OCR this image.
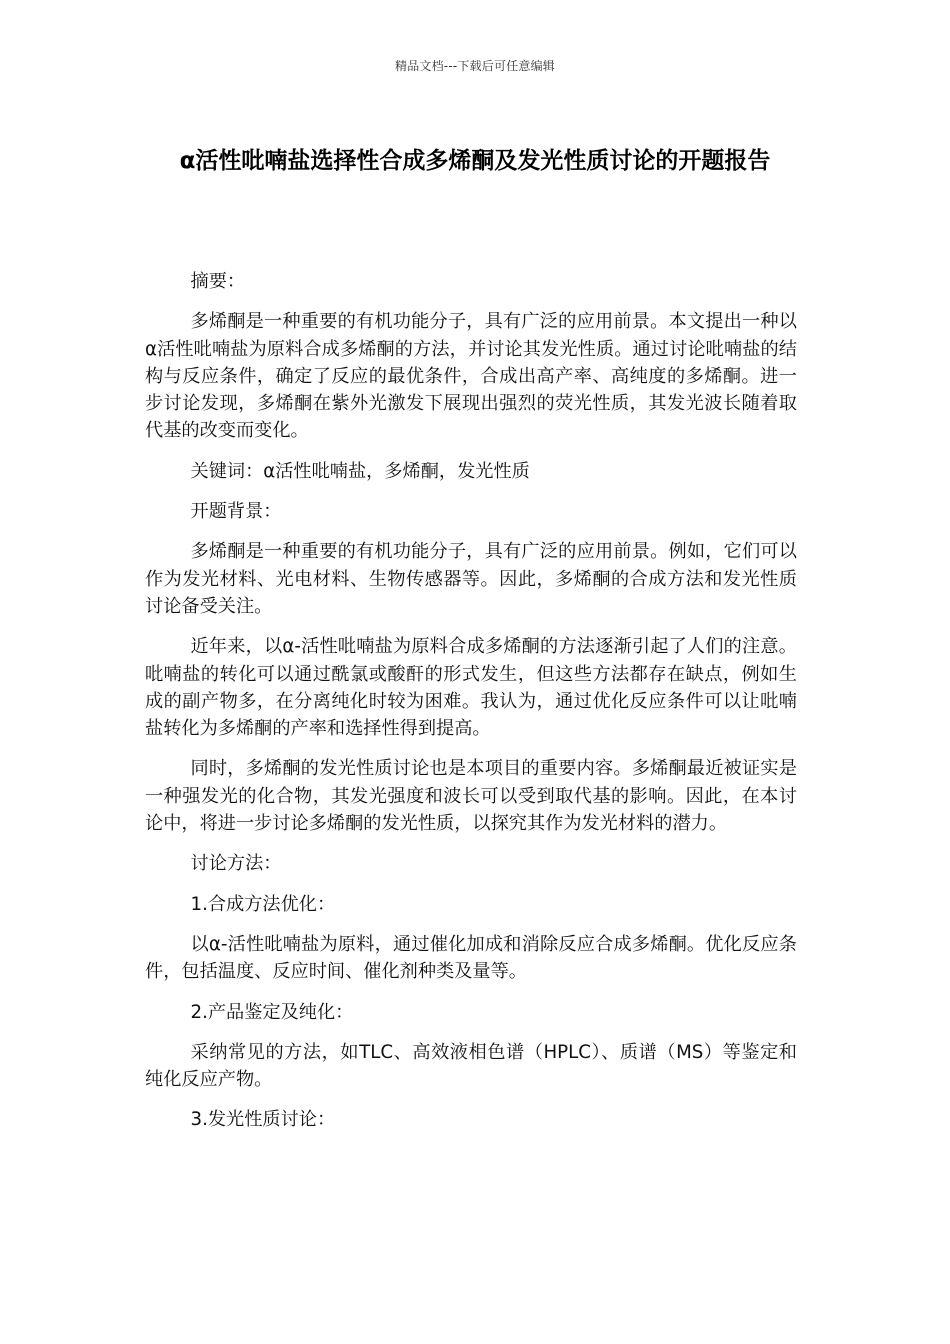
精品文档---下载后可任意编辑
α活性吡喃盐选择性合成多烯酮及发光性质讨论的开题报告

摘要：

多烯酮是一种重要的有机功能分子，具有广泛的应用前景。本文提出一种以α活性吡喃盐为原料合成多烯酮的方法，并讨论其发光性质。通过讨论吡喃盐的结构与反应条件，确定了反应的最优条件，合成出高产率、高纯度的多烯酮。进一步讨论发现，多烯酮在紫外光激发下展现出强烈的荧光性质，其发光波长随着取代基的改变而变化。

关键词：α活性吡喃盐，多烯酮，发光性质

开题背景：

多烯酮是一种重要的有机功能分子，具有广泛的应用前景。例如，它们可以作为发光材料、光电材料、生物传感器等。因此，多烯酮的合成方法和发光性质讨论备受关注。

近年来，以α-活性吡喃盐为原料合成多烯酮的方法逐渐引起了人们的注意。吡喃盐的转化可以通过酰氯或酸酐的形式发生，但这些方法都存在缺点，例如生成的副产物多，在分离纯化时较为困难。我认为，通过优化反应条件可以让吡喃盐转化为多烯酮的产率和选择性得到提高。

同时，多烯酮的发光性质讨论也是本项目的重要内容。多烯酮最近被证实是一种强发光的化合物，其发光强度和波长可以受到取代基的影响。因此，在本讨论中，将进一步讨论多烯酮的发光性质，以探究其作为发光材料的潜力。

讨论方法：

1.合成方法优化：

以α-活性吡喃盐为原料，通过催化加成和消除反应合成多烯酮。优化反应条件，包括温度、反应时间、催化剂种类及量等。

2.产品鉴定及纯化：

采纳常见的方法，如TLC、高效液相色谱（HPLC）、质谱（MS）等鉴定和纯化反应产物。

3.发光性质讨论：
